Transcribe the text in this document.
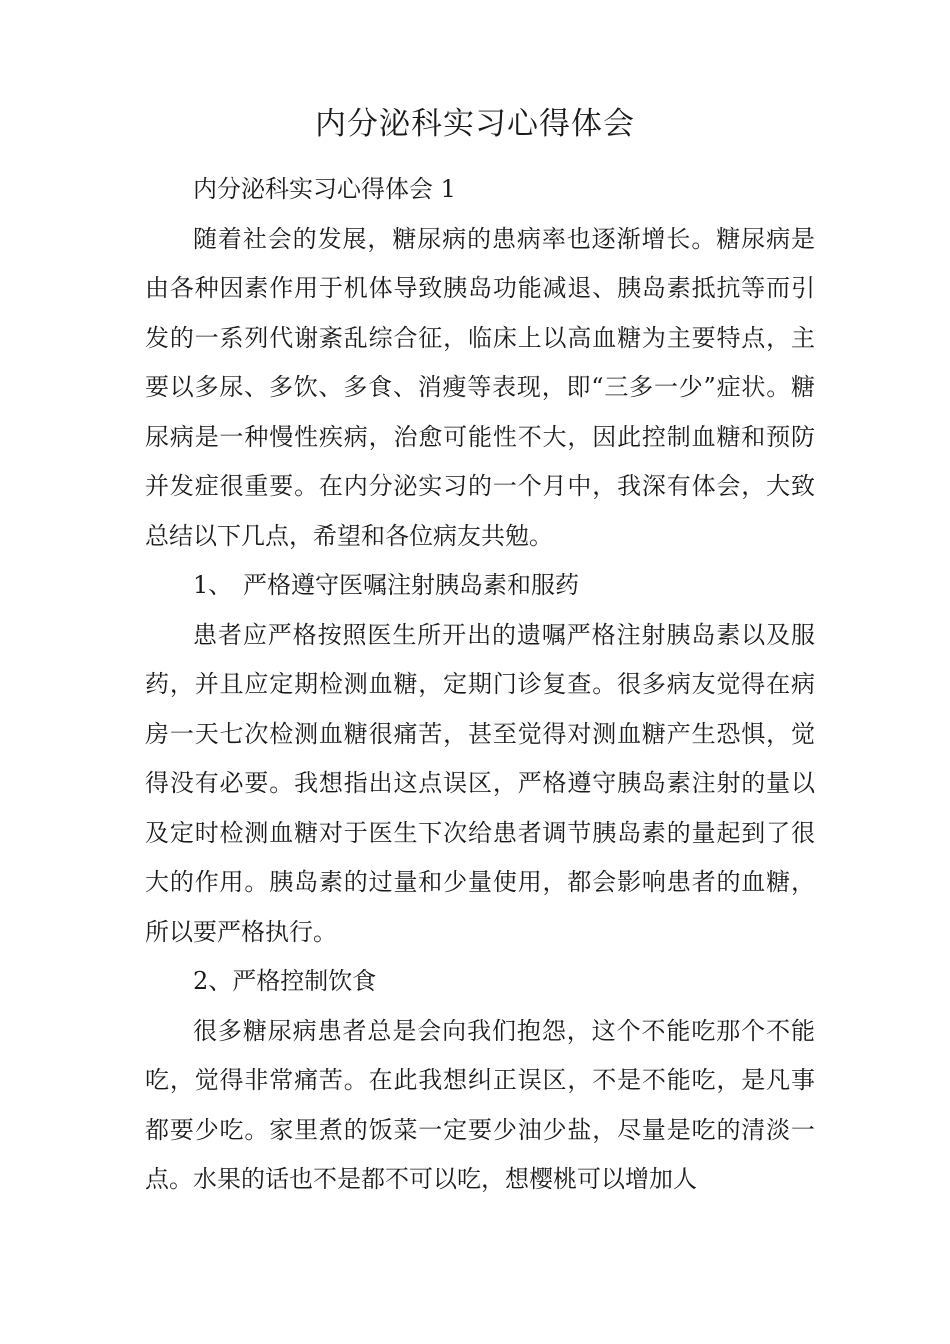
内分泌科实习心得体会

内分泌科实习心得体会 1

随着社会的发展，糖尿病的患病率也逐渐增长。糖尿病是由各种因素作用于机体导致胰岛功能减退、胰岛素抵抗等而引发的一系列代谢紊乱综合征，临床上以高血糖为主要特点，主要以多尿、多饮、多食、消瘦等表现，即“三多一少”症状。糖尿病是一种慢性疾病，治愈可能性不大，因此控制血糖和预防并发症很重要。在内分泌实习的一个月中，我深有体会，大致总结以下几点，希望和各位病友共勉。

1、 严格遵守医嘱注射胰岛素和服药

患者应严格按照医生所开出的遗嘱严格注射胰岛素以及服药，并且应定期检测血糖，定期门诊复查。很多病友觉得在病房一天七次检测血糖很痛苦，甚至觉得对测血糖产生恐惧，觉得没有必要。我想指出这点误区，严格遵守胰岛素注射的量以及定时检测血糖对于医生下次给患者调节胰岛素的量起到了很大的作用。胰岛素的过量和少量使用，都会影响患者的血糖，所以要严格执行。

2、严格控制饮食

很多糖尿病患者总是会向我们抱怨，这个不能吃那个不能吃，觉得非常痛苦。在此我想纠正误区，不是不能吃，是凡事都要少吃。家里煮的饭菜一定要少油少盐，尽量是吃的清淡一点。水果的话也不是都不可以吃，想樱桃可以增加人
